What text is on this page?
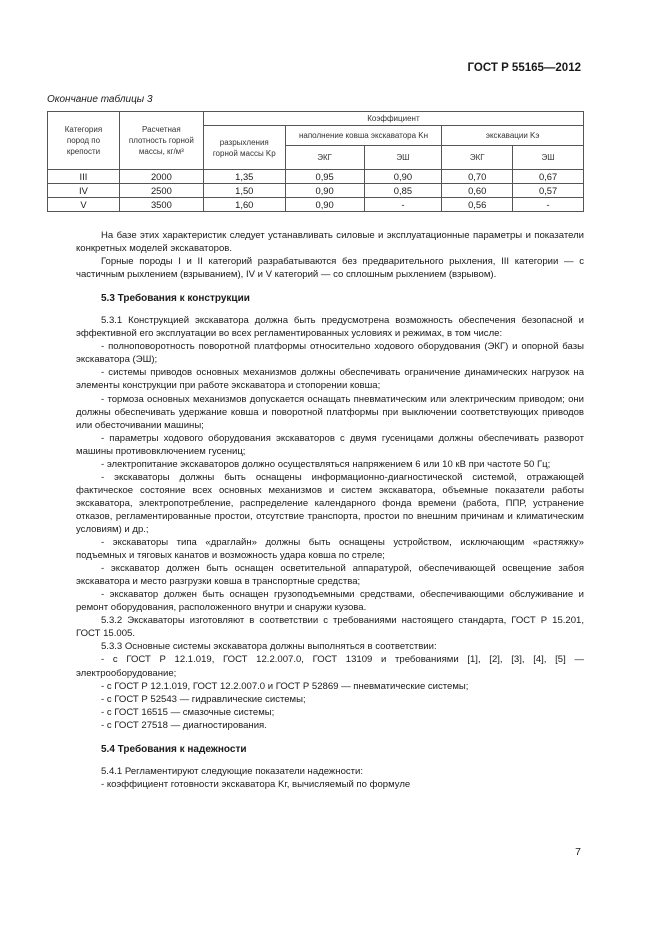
ГОСТ Р 55165—2012
Окончание таблицы 3
Категория пород по крепости	Расчетная плотность горной массы, кг/м³	Коэффициент				
		разрыхления горной массы Kр	наполнение ковша экскаватора Kн		экскавации Kэ	
			ЭКГ	ЭШ	ЭКГ	ЭШ
III	2000	1,35	0,95	0,90	0,70	0,67
IV	2500	1,50	0,90	0,85	0,60	0,57
V	3500	1,60	0,90	-	0,56	-

На базе этих характеристик следует устанавливать силовые и эксплуатационные параметры и показатели конкретных моделей экскаваторов.

Горные породы I и II категорий разрабатываются без предварительного рыхления, III категории — с частичным рыхлением (взрыванием), IV и V категорий — со сплошным рыхлением (взрывом).

5.3 Требования к конструкции

5.3.1 Конструкцией экскаватора должна быть предусмотрена возможность обеспечения безопасной и эффективной его эксплуатации во всех регламентированных условиях и режимах, в том числе:

- полноповоротность поворотной платформы относительно ходового оборудования (ЭКГ) и опорной базы экскаватора (ЭШ);

- системы приводов основных механизмов должны обеспечивать ограничение динамических нагрузок на элементы конструкции при работе экскаватора и стопорении ковша;

- тормоза основных механизмов допускается оснащать пневматическим или электрическим приводом; они должны обеспечивать удержание ковша и поворотной платформы при выключении соответствующих приводов или обесточивании машины;

- параметры ходового оборудования экскаваторов с двумя гусеницами должны обеспечивать разворот машины противовключением гусениц;

- электропитание экскаваторов должно осуществляться напряжением 6 или 10 кВ при частоте 50 Гц;

- экскаваторы должны быть оснащены информационно-диагностической системой, отражающей фактическое состояние всех основных механизмов и систем экскаватора, объемные показатели работы экскаватора, электропотребление, распределение календарного фонда времени (работа, ППР, устранение отказов, регламентированные простои, отсутствие транспорта, простои по внешним причинам и климатическим условиям) и др.;

- экскаваторы типа «драглайн» должны быть оснащены устройством, исключающим «растяжку» подъемных и тяговых канатов и возможность удара ковша по стреле;

- экскаватор должен быть оснащен осветительной аппаратурой, обеспечивающей освещение забоя экскаватора и место разгрузки ковша в транспортные средства;

- экскаватор должен быть оснащен грузоподъемными средствами, обеспечивающими обслуживание и ремонт оборудования, расположенного внутри и снаружи кузова.

5.3.2 Экскаваторы изготовляют в соответствии с требованиями настоящего стандарта, ГОСТ Р 15.201, ГОСТ 15.005.

5.3.3 Основные системы экскаватора должны выполняться в соответствии:

- с ГОСТ Р 12.1.019, ГОСТ 12.2.007.0, ГОСТ 13109 и требованиями [1], [2], [3], [4], [5] — электрооборудование;

- с ГОСТ Р 12.1.019, ГОСТ 12.2.007.0 и ГОСТ Р 52869 — пневматические системы;

- с ГОСТ Р 52543 — гидравлические системы;

- с ГОСТ 16515 — смазочные системы;

- с ГОСТ 27518 — диагностирования.

5.4 Требования к надежности

5.4.1 Регламентируют следующие показатели надежности:

- коэффициент готовности экскаватора Kг, вычисляемый по формуле

7
